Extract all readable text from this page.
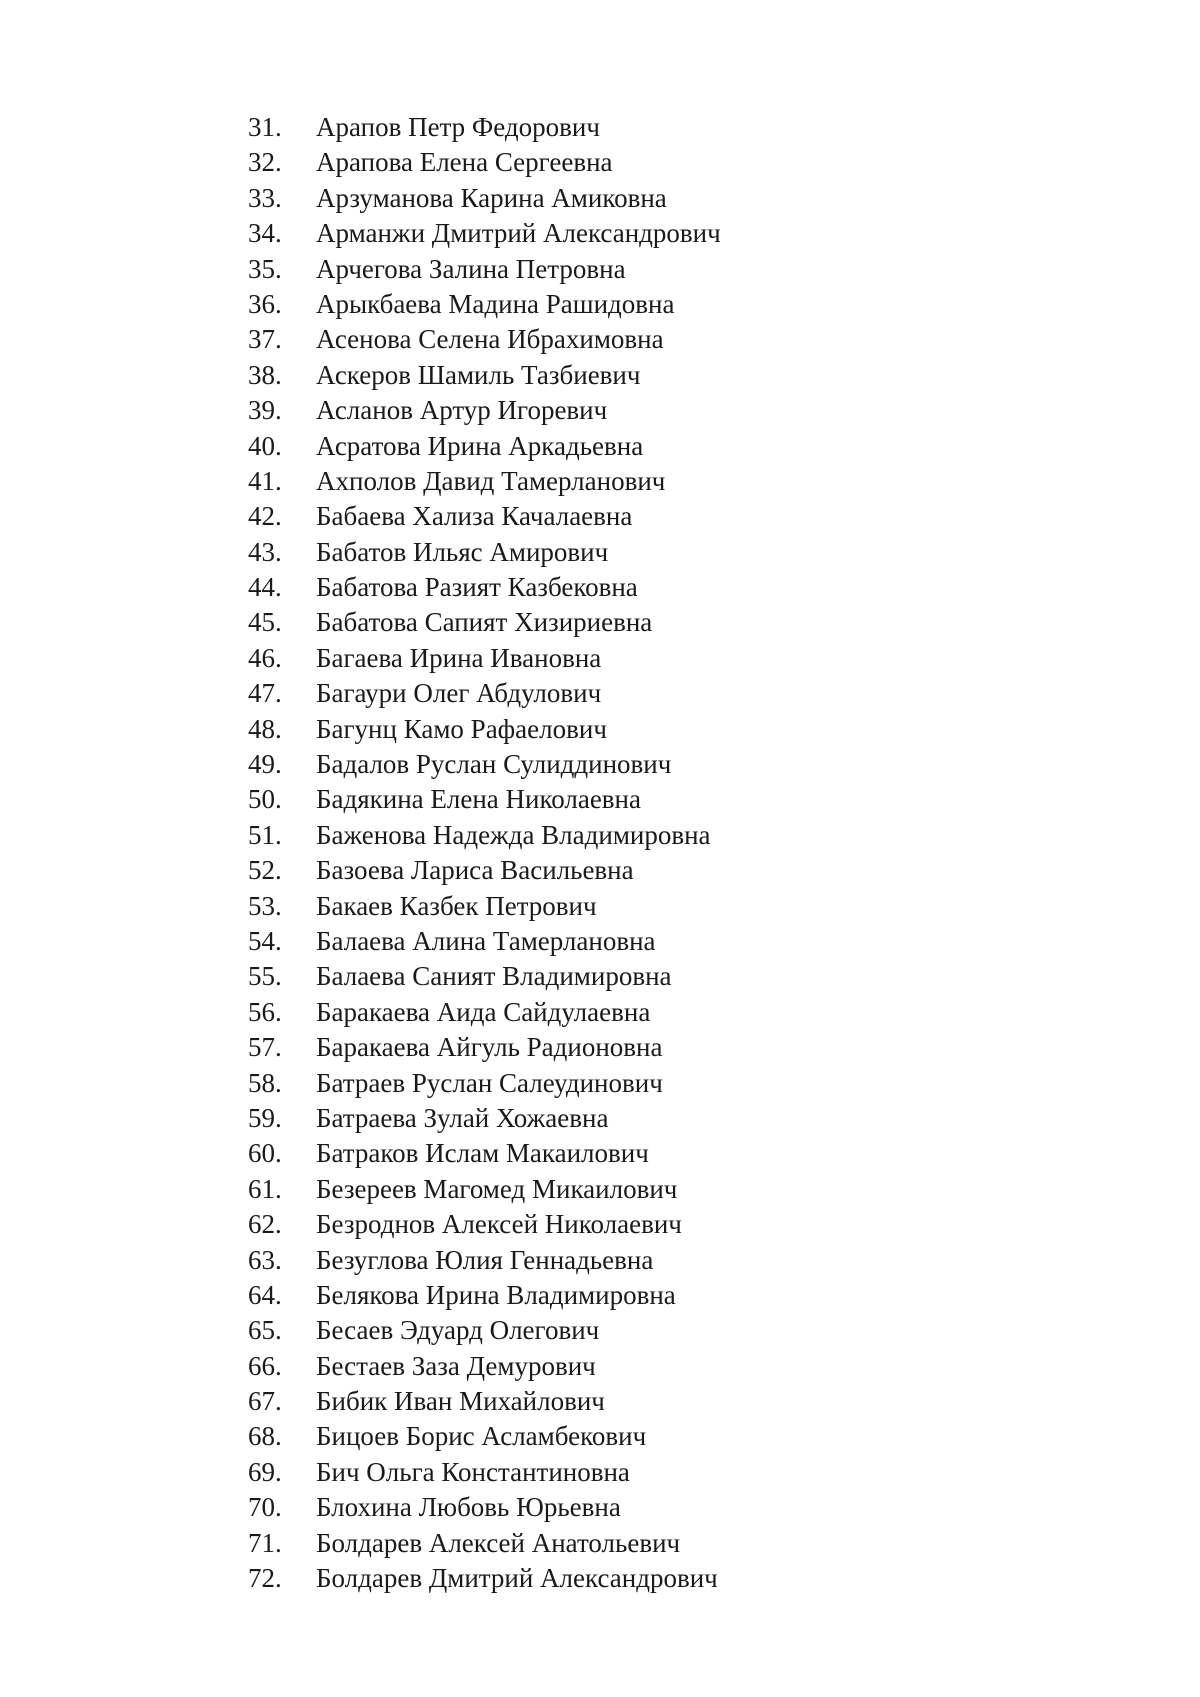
31.	Арапов Петр Федорович
32.	Арапова Елена Сергеевна
33.	Арзуманова Карина Амиковна
34.	Арманжи Дмитрий Александрович
35.	Арчегова Залина Петровна
36.	Арыкбаева Мадина Рашидовна
37.	Асенова Селена Ибрахимовна
38.	Аскеров Шамиль Тазбиевич
39.	Асланов Артур Игоревич
40.	Асратова Ирина Аркадьевна
41.	Ахполов Давид Тамерланович
42.	Бабаева Хализа Качалаевна
43.	Бабатов Ильяс Амирович
44.	Бабатова Разият Казбековна
45.	Бабатова Сапият Хизириевна
46.	Багаева Ирина Ивановна
47.	Багаури Олег Абдулович
48.	Багунц Камо Рафаелович
49.	Бадалов Руслан Сулиддинович
50.	Бадякина Елена Николаевна
51.	Баженова Надежда Владимировна
52.	Базоева Лариса Васильевна
53.	Бакаев Казбек Петрович
54.	Балаева Алина Тамерлановна
55.	Балаева Саният Владимировна
56.	Баракаева Аида Сайдулаевна
57.	Баракаева Айгуль Радионовна
58.	Батраев Руслан Салеудинович
59.	Батраева Зулай Хожаевна
60.	Батраков Ислам Макаилович
61.	Безереев Магомед Микаилович
62.	Безроднов Алексей Николаевич
63.	Безуглова Юлия Геннадьевна
64.	Белякова Ирина Владимировна
65.	Бесаев Эдуард Олегович
66.	Бестаев Заза Демурович
67.	Бибик Иван Михайлович
68.	Бицоев Борис Асламбекович
69.	Бич Ольга Константиновна
70.	Блохина Любовь Юрьевна
71.	Болдарев Алексей Анатольевич
72.	Болдарев Дмитрий Александрович
